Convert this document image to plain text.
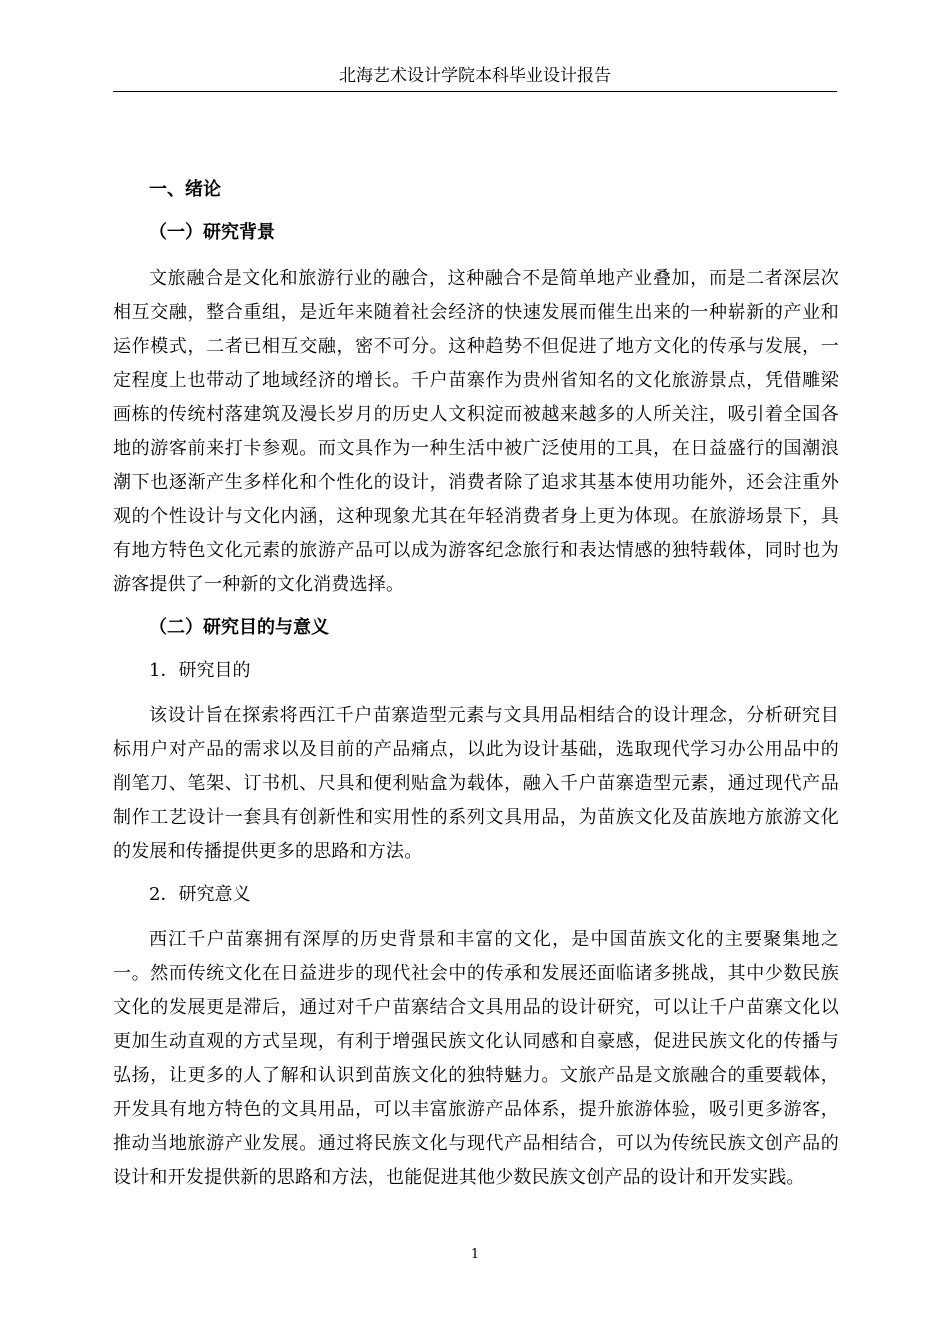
北海艺术设计学院本科毕业设计报告
一、绪论
（一）研究背景

文旅融合是文化和旅游行业的融合，这种融合不是简单地产业叠加，而是二者深层次相互交融，整合重组，是近年来随着社会经济的快速发展而催生出来的一种崭新的产业和运作模式，二者已相互交融，密不可分。这种趋势不但促进了地方文化的传承与发展，一定程度上也带动了地域经济的增长。千户苗寨作为贵州省知名的文化旅游景点，凭借雕梁画栋的传统村落建筑及漫长岁月的历史人文积淀而被越来越多的人所关注，吸引着全国各地的游客前来打卡参观。而文具作为一种生活中被广泛使用的工具，在日益盛行的国潮浪潮下也逐渐产生多样化和个性化的设计，消费者除了追求其基本使用功能外，还会注重外观的个性设计与文化内涵，这种现象尤其在年轻消费者身上更为体现。在旅游场景下，具有地方特色文化元素的旅游产品可以成为游客纪念旅行和表达情感的独特载体，同时也为游客提供了一种新的文化消费选择。

（二）研究目的与意义
1．研究目的

该设计旨在探索将西江千户苗寨造型元素与文具用品相结合的设计理念，分析研究目标用户对产品的需求以及目前的产品痛点，以此为设计基础，选取现代学习办公用品中的削笔刀、笔架、订书机、尺具和便利贴盒为载体，融入千户苗寨造型元素，通过现代产品制作工艺设计一套具有创新性和实用性的系列文具用品，为苗族文化及苗族地方旅游文化的发展和传播提供更多的思路和方法。

2．研究意义

西江千户苗寨拥有深厚的历史背景和丰富的文化，是中国苗族文化的主要聚集地之一。然而传统文化在日益进步的现代社会中的传承和发展还面临诸多挑战，其中少数民族文化的发展更是滞后，通过对千户苗寨结合文具用品的设计研究，可以让千户苗寨文化以更加生动直观的方式呈现，有利于增强民族文化认同感和自豪感，促进民族文化的传播与弘扬，让更多的人了解和认识到苗族文化的独特魅力。文旅产品是文旅融合的重要载体，开发具有地方特色的文具用品，可以丰富旅游产品体系，提升旅游体验，吸引更多游客，推动当地旅游产业发展。通过将民族文化与现代产品相结合，可以为传统民族文创产品的设计和开发提供新的思路和方法，也能促进其他少数民族文创产品的设计和开发实践。

1
